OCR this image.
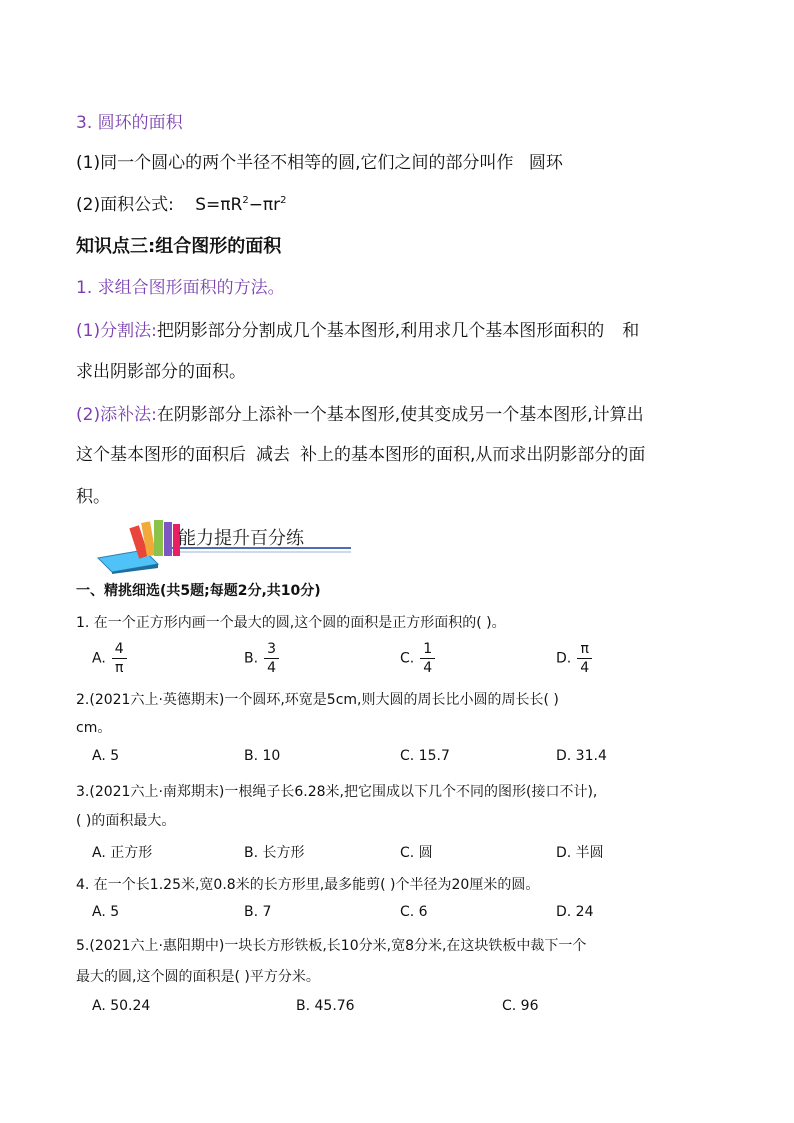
3. 圆环的面积
(1)同一个圆心的两个半径不相等的圆,它们之间的部分叫作 圆环
(2)面积公式: $S=\pi R^2-\pi r^2$
知识点三:组合图形的面积
1. 求组合图形面积的方法。
(1)分割法:把阴影部分分割成几个基本图形,利用求几个基本图形面积的 和
求出阴影部分的面积。
(2)添补法:在阴影部分上添补一个基本图形,使其变成另一个基本图形,计算出
这个基本图形的面积后 减去 补上的基本图形的面积,从而求出阴影部分的面
积。
能力提升百分练
一、精挑细选(共5题;每题2分,共10分)
1. 在一个正方形内画一个最大的圆,这个圆的面积是正方形面积的( )。
A. $\frac{4}{\pi}$	B. $\frac{3}{4}$	C. $\frac{1}{4}$	D. $\frac{\pi}{4}$
2.(2021六上·英德期末)一个圆环,环宽是5cm,则大圆的周长比小圆的周长长( )
cm。
A. 5	B. 10	C. 15.7	D. 31.4
3.(2021六上·南郑期末)一根绳子长6.28米,把它围成以下几个不同的图形(接口不计),
( )的面积最大。
A. 正方形	B. 长方形	C. 圆	D. 半圆
4. 在一个长1.25米,宽0.8米的长方形里,最多能剪( )个半径为20厘米的圆。
A. 5	B. 7	C. 6	D. 24
5.(2021六上·惠阳期中)一块长方形铁板,长10分米,宽8分米,在这块铁板中裁下一个
最大的圆,这个圆的面积是( )平方分米。
A. 50.24	B. 45.76	C. 96
